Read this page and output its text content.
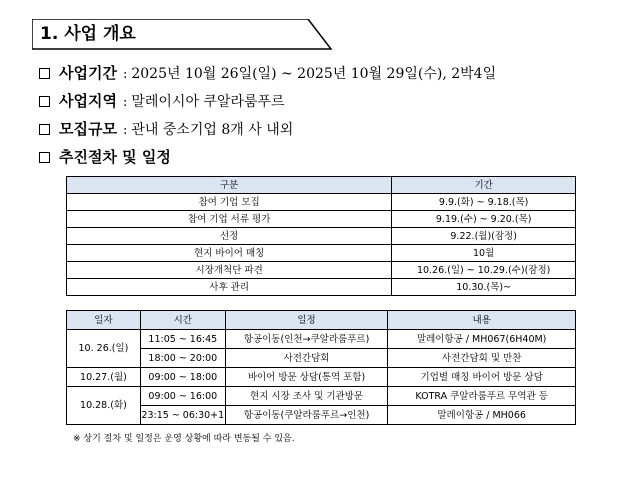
1. 사업 개요
사업기간 : 2025년 10월 26일(일) ~ 2025년 10월 29일(수), 2박4일
사업지역 : 말레이시아 쿠알라룸푸르
모집규모 : 관내 중소기업 8개 사 내외
추진절차 및 일정
구분	기간
참여 기업 모집	9.9.(화) ~ 9.18.(목)
참여 기업 서류 평가	9.19.(수) ~ 9.20.(목)
선정	9.22.(월)(잠정)
현지 바이어 매칭	10월
시장개척단 파견	10.26.(일) ~ 10.29.(수)(잠정)
사후 관리	10.30.(목)~
일자	시간	일정	내용
10. 26.(일)	11:05 ~ 16:45	항공이동(인천→쿠알라룸푸르)	말레이항공 / MH067(6H40M)
	18:00 ~ 20:00	사전간담회	사전간담회 및 만찬
10.27.(월)	09:00 ~ 18:00	바이어 방문 상담(통역 포함)	기업별 매칭 바이어 방문 상담
10.28.(화)	09:00 ~ 16:00	현지 시장 조사 및 기관방문	KOTRA 쿠알라룸푸르 무역관 등
	23:15 ~ 06:30+1	항공이동(쿠알라룸푸르→인천)	말레이항공 / MH066
※ 상기 절차 및 일정은 운영 상황에 따라 변동될 수 있음.
